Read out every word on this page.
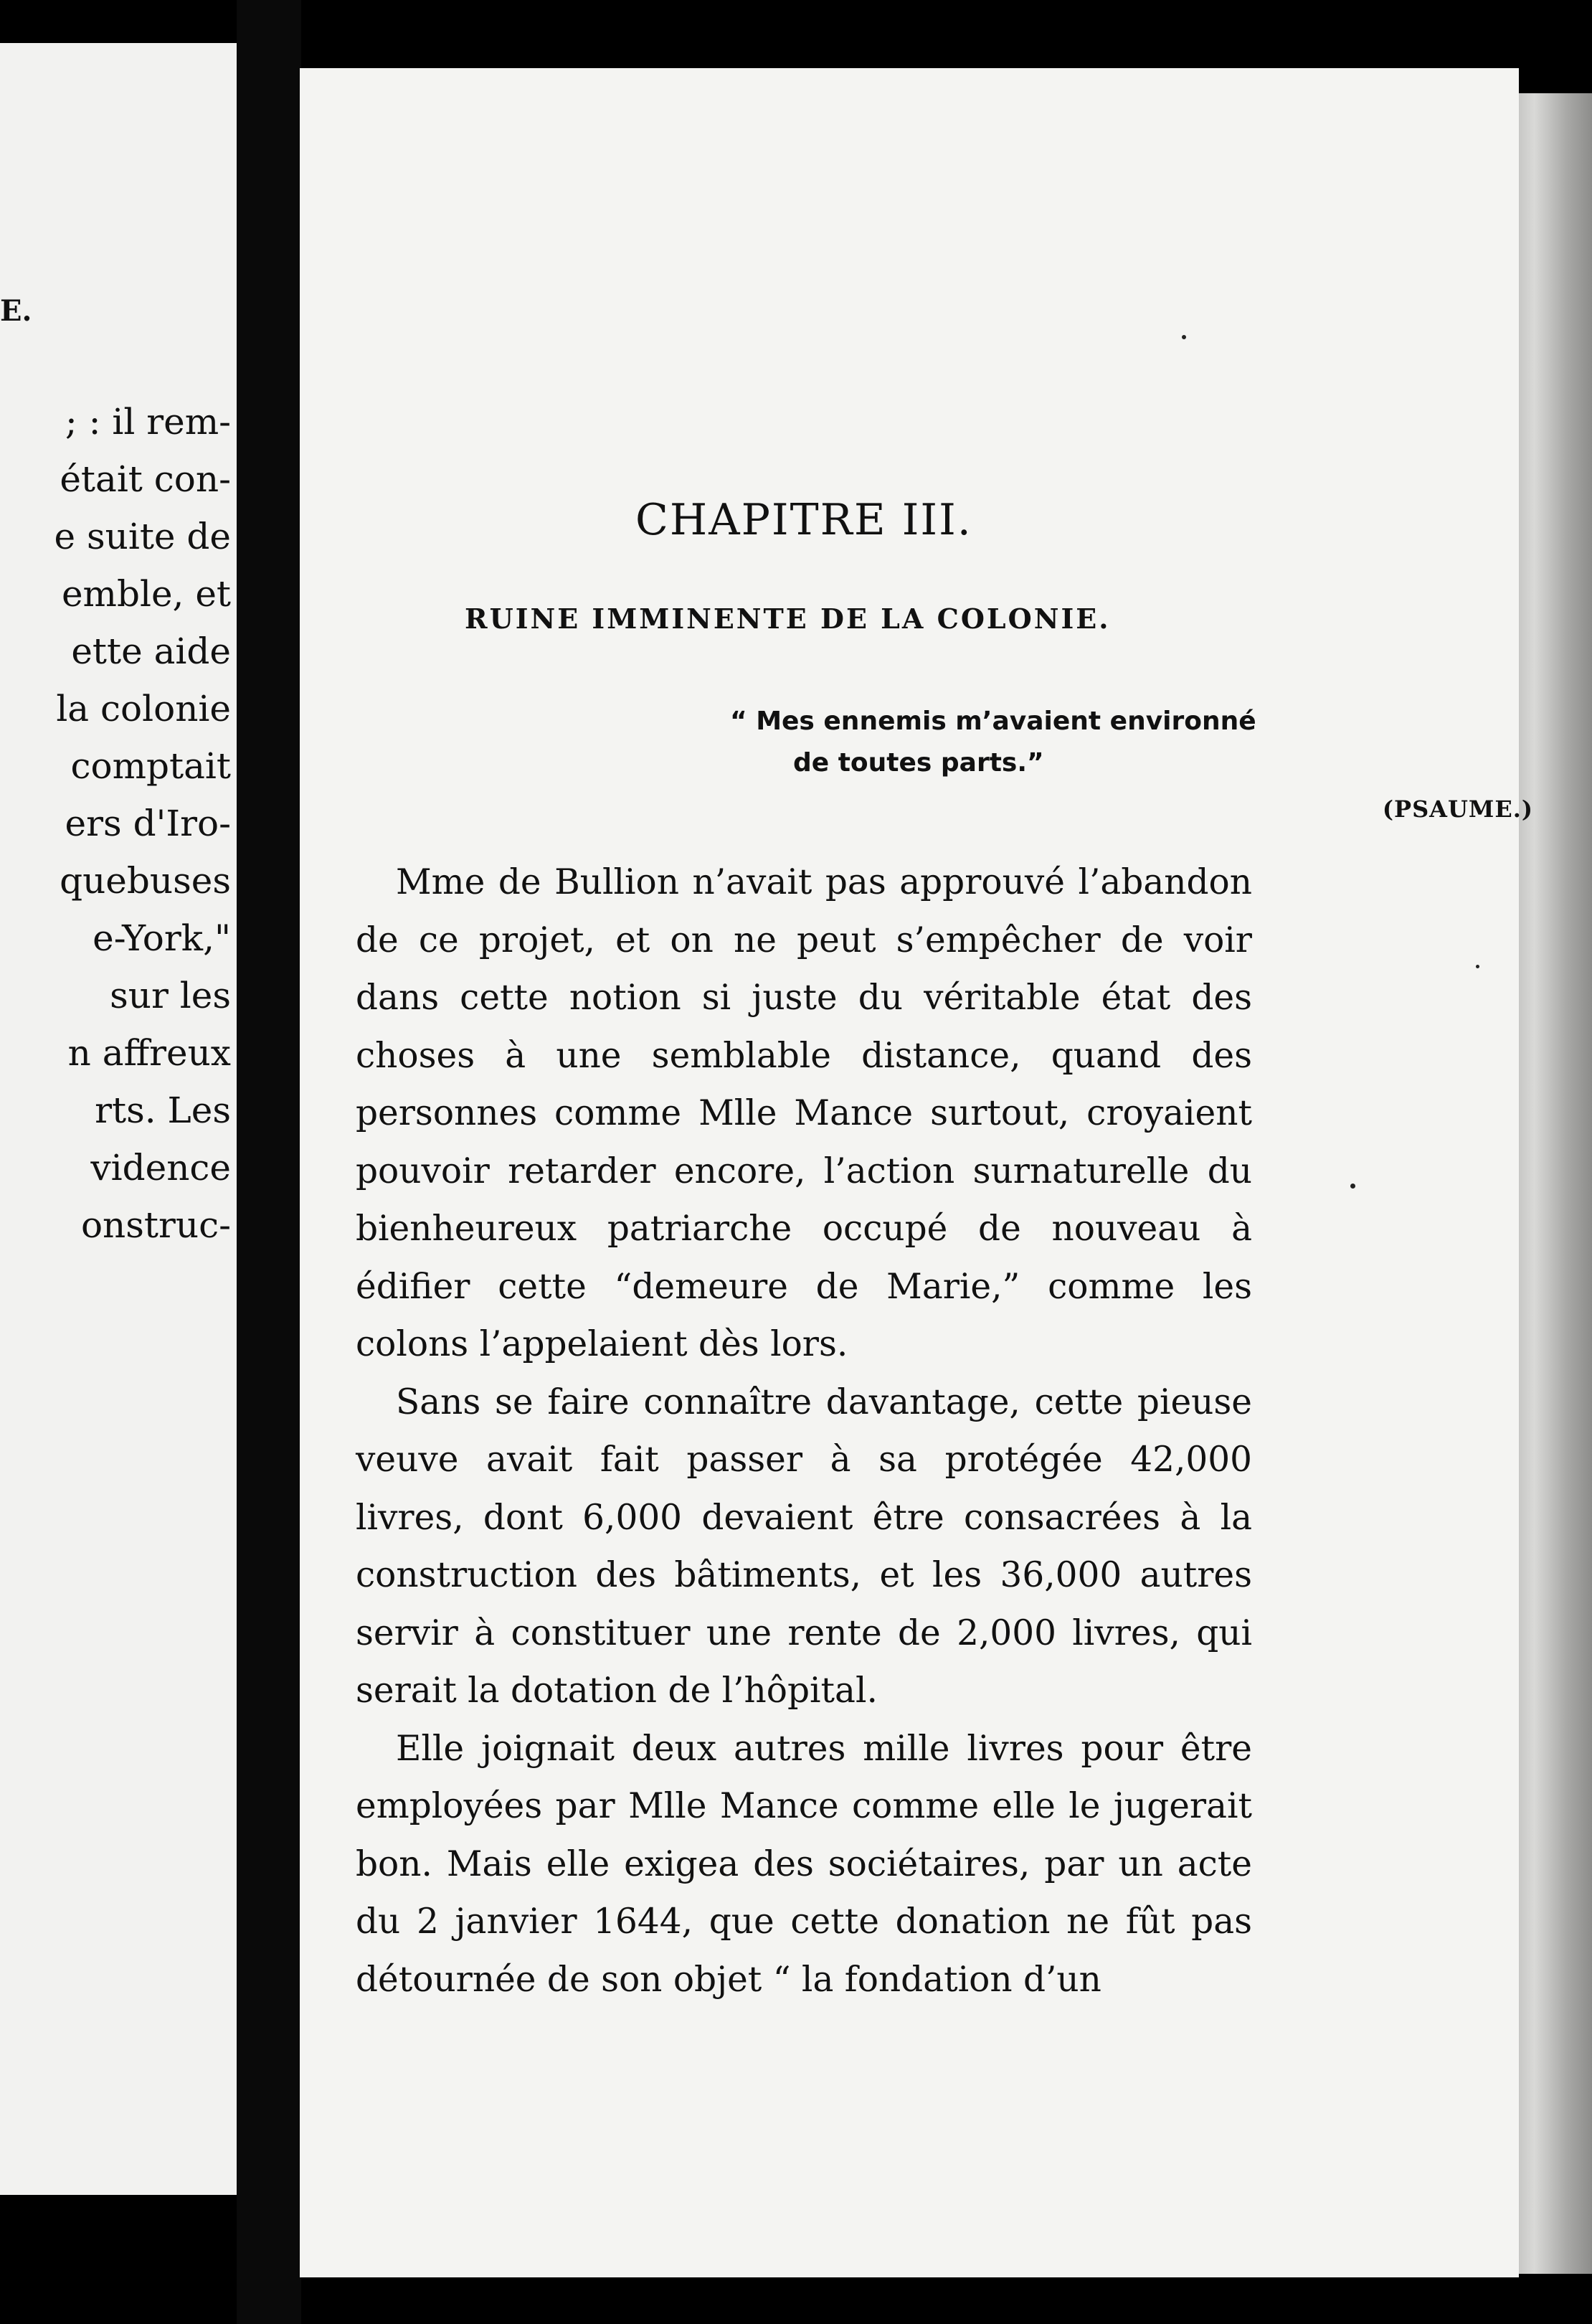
E.
; : il rem-
était con-
e suite de
emble, et
ette aide
la colonie
comptait
ers d'Iro-
quebuses
e-York,"
sur les
n affreux
rts. Les
vidence
onstruc-
CHAPITRE III.
RUINE IMMINENTE DE LA COLONIE.
“ Mes ennemis m’avaient environné
de toutes parts.”
(PSAUME.)

Mme de Bullion n’avait pas approuvé l’abandon de ce projet, et on ne peut s’empêcher de voir dans cette notion si juste du véritable état des choses à une semblable distance, quand des personnes comme Mlle Mance surtout, croyaient pouvoir retarder encore, l’action surnaturelle du bienheureux patriarche occupé de nouveau à édifier cette “demeure de Marie,” comme les colons l’appelaient dès lors.

Sans se faire connaître davantage, cette pieuse veuve avait fait passer à sa protégée 42,000 livres, dont 6,000 devaient être consacrées à la construction des bâtiments, et les 36,000 autres servir à constituer une rente de 2,000 livres, qui serait la dotation de l’hôpital.

Elle joignait deux autres mille livres pour être employées par Mlle Mance comme elle le jugerait bon. Mais elle exigea des sociétaires, par un acte du 2 janvier 1644, que cette donation ne fût pas détournée de son objet “ la fondation d’un
